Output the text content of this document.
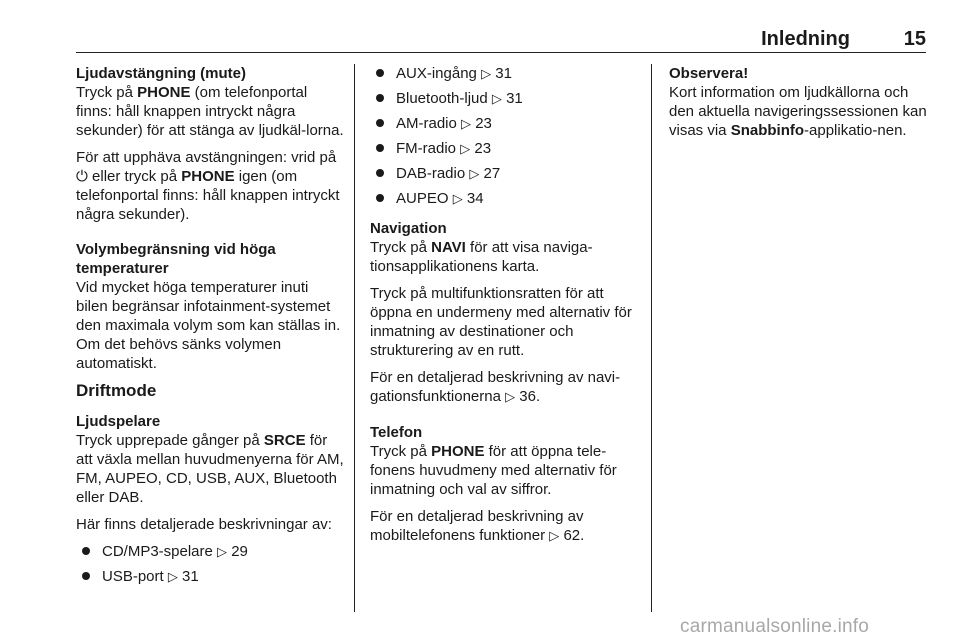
Inledning	15

Ljudavstängning (mute)

Tryck på PHONE (om telefonportal finns: håll knappen intryckt några sekunder) för att stänga av ljudkäl-lorna.

För att upphäva avstängningen: vrid på ⏻ eller tryck på PHONE igen (om telefonportal finns: håll knappen intryckt några sekunder).

Volymbegränsning vid höga temperaturer

Vid mycket höga temperaturer inuti bilen begränsar infotainment-systemet den maximala volym som kan ställas in. Om det behövs sänks volymen automatiskt.

Driftmode

Ljudspelare

Tryck upprepade gånger på SRCE för att växla mellan huvudmenyerna för AM, FM, AUPEO, CD, USB, AUX, Bluetooth eller DAB.

Här finns detaljerade beskrivningar av:

CD/MP3-spelare ▷ 29
USB-port ▷ 31
AUX-ingång ▷ 31
Bluetooth-ljud ▷ 31
AM-radio ▷ 23
FM-radio ▷ 23
DAB-radio ▷ 27
AUPEO ▷ 34

Navigation

Tryck på NAVI för att visa naviga-tionsapplikationens karta.

Tryck på multifunktionsratten för att öppna en undermeny med alternativ för inmatning av destinationer och strukturering av en rutt.

För en detaljerad beskrivning av navi-gationsfunktionerna ▷ 36.

Telefon

Tryck på PHONE för att öppna tele-fonens huvudmeny med alternativ för inmatning och val av siffror.

För en detaljerad beskrivning av mobiltelefonens funktioner ▷ 62.

Observera!

Kort information om ljudkällorna och den aktuella navigeringssessionen kan visas via Snabbinfo-applikatio-nen.

carmanualsonline.info
